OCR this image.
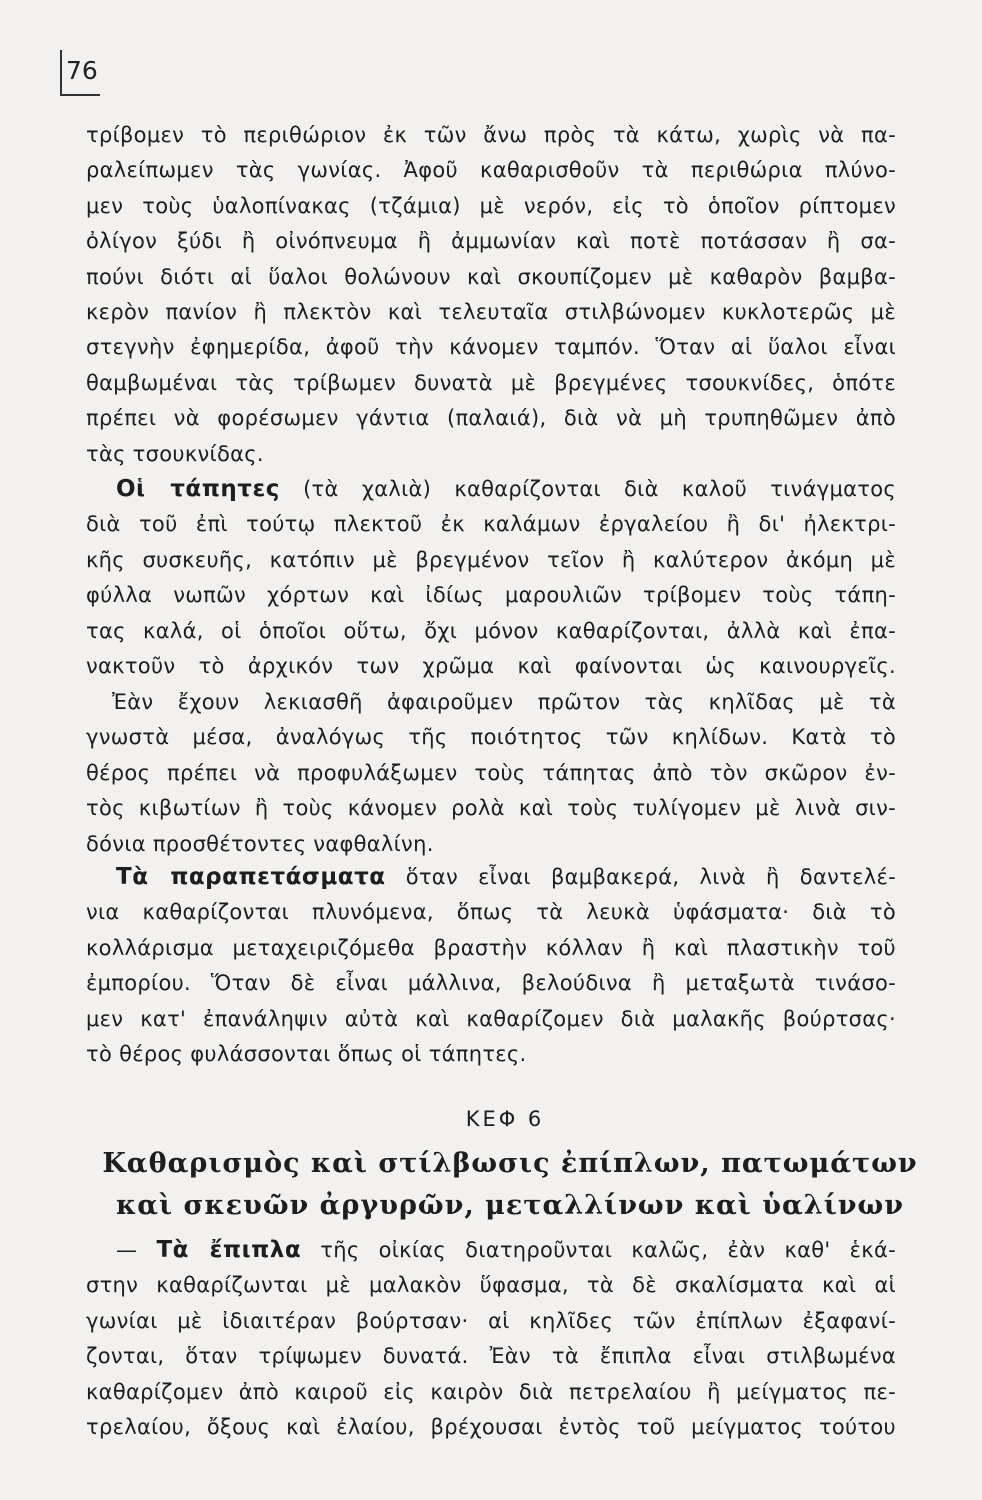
76
τρίβομεν τὸ περιθώριον ἐκ τῶν ἄνω πρὸς τὰ κάτω, χωρὶς νὰ πα-
ραλείπωμεν τὰς γωνίας. Ἀφοῦ καθαρισθοῦν τὰ περιθώρια πλύνο-
μεν τοὺς ὑαλοπίνακας (τζάμια) μὲ νερόν, εἰς τὸ ὁποῖον ρίπτομεν
ὀλίγον ξύδι ἢ οἰνόπνευμα ἢ ἀμμωνίαν καὶ ποτὲ ποτάσσαν ἢ σα-
πούνι διότι αἱ ὕαλοι θολώνουν καὶ σκουπίζομεν μὲ καθαρὸν βαμβα-
κερὸν πανίον ἢ πλεκτὸν καὶ τελευταῖα στιλβώνομεν κυκλοτερῶς μὲ
στεγνὴν ἐφημερίδα, ἀφοῦ τὴν κάνομεν ταμπόν. Ὅταν αἱ ὕαλοι εἶναι
θαμβωμέναι τὰς τρίβωμεν δυνατὰ μὲ βρεγμένες τσουκνίδες, ὁπότε
πρέπει νὰ φορέσωμεν γάντια (παλαιά), διὰ νὰ μὴ τρυπηθῶμεν ἀπὸ
τὰς τσουκνίδας.
Οἱ τάπητες (τὰ χαλιὰ) καθαρίζονται διὰ καλοῦ τινάγματος
διὰ τοῦ ἐπὶ τούτῳ πλεκτοῦ ἐκ καλάμων ἐργαλείου ἢ δι' ἠλεκτρι-
κῆς συσκευῆς, κατόπιν μὲ βρεγμένον τεῖον ἢ καλύτερον ἀκόμη μὲ
φύλλα νωπῶν χόρτων καὶ ἰδίως μαρουλιῶν τρίβομεν τοὺς τάπη-
τας καλά, οἱ ὁποῖοι οὕτω, ὄχι μόνον καθαρίζονται, ἀλλὰ καὶ ἐπα-
νακτοῦν τὸ ἀρχικόν των χρῶμα καὶ φαίνονται ὡς καινουργεῖς.
Ἐὰν ἔχουν λεκιασθῆ ἀφαιροῦμεν πρῶτον τὰς κηλῖδας μὲ τὰ
γνωστὰ μέσα, ἀναλόγως τῆς ποιότητος τῶν κηλίδων. Κατὰ τὸ
θέρος πρέπει νὰ προφυλάξωμεν τοὺς τάπητας ἀπὸ τὸν σκῶρον ἐν-
τὸς κιβωτίων ἢ τοὺς κάνομεν ρολὰ καὶ τοὺς τυλίγομεν μὲ λινὰ σιν-
δόνια προσθέτοντες ναφθαλίνη.
Τὰ παραπετάσματα ὅταν εἶναι βαμβακερά, λινὰ ἢ δαντελέ-
νια καθαρίζονται πλυνόμενα, ὅπως τὰ λευκὰ ὑφάσματα· διὰ τὸ
κολλάρισμα μεταχειριζόμεθα βραστὴν κόλλαν ἢ καὶ πλαστικὴν τοῦ
ἐμπορίου. Ὅταν δὲ εἶναι μάλλινα, βελούδινα ἢ μεταξωτὰ τινάσο-
μεν κατ' ἐπανάληψιν αὐτὰ καὶ καθαρίζομεν διὰ μαλακῆς βούρτσας·
τὸ θέρος φυλάσσονται ὅπως οἱ τάπητες.
ΚΕΦ 6
Καθαρισμὸς καὶ στίλβωσις ἐπίπλων, πατωμάτων
καὶ σκευῶν ἀργυρῶν, μεταλλίνων καὶ ὑαλίνων
— Τὰ ἔπιπλα τῆς οἰκίας διατηροῦνται καλῶς, ἐὰν καθ' ἑκά-
στην καθαρίζωνται μὲ μαλακὸν ὕφασμα, τὰ δὲ σκαλίσματα καὶ αἱ
γωνίαι μὲ ἰδιαιτέραν βούρτσαν· αἱ κηλῖδες τῶν ἐπίπλων ἐξαφανί-
ζονται, ὅταν τρίψωμεν δυνατά. Ἐὰν τὰ ἔπιπλα εἶναι στιλβωμένα
καθαρίζομεν ἀπὸ καιροῦ εἰς καιρὸν διὰ πετρελαίου ἢ μείγματος πε-
τρελαίου, ὄξους καὶ ἐλαίου, βρέχουσαι ἐντὸς τοῦ μείγματος τούτου
